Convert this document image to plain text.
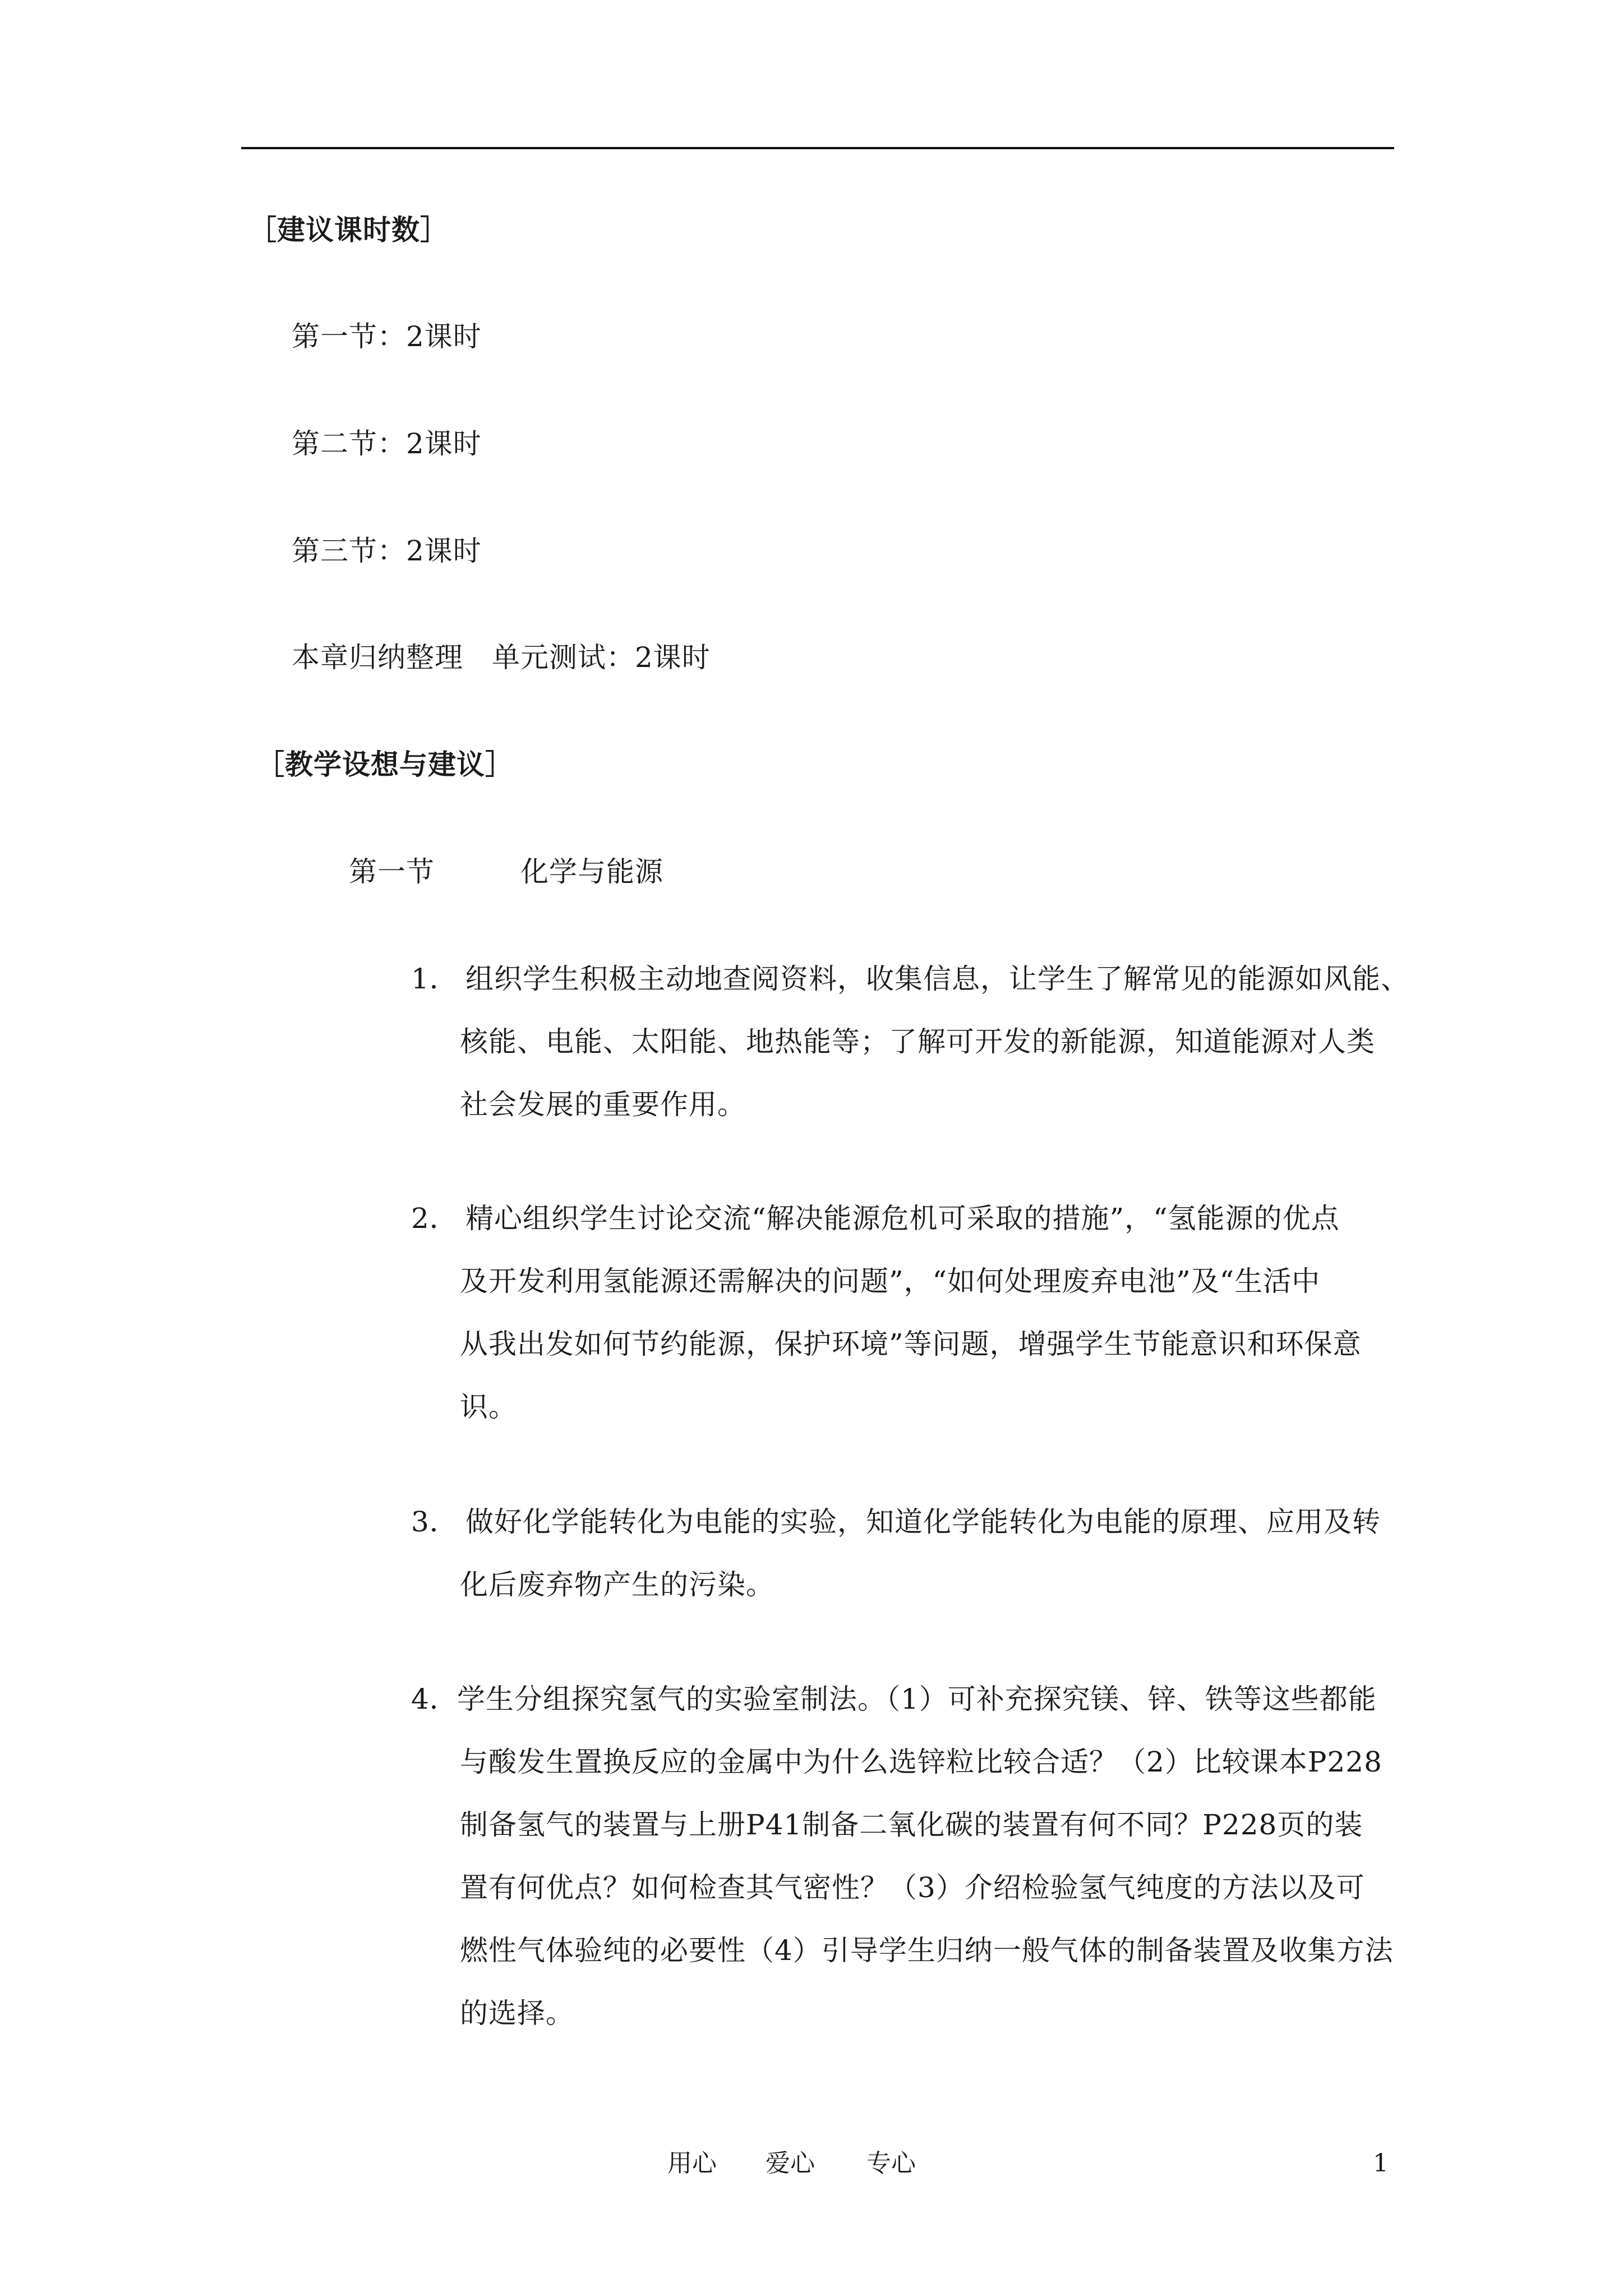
［建议课时数］
第一节：2课时
第二节：2课时
第三节：2课时
本章归纳整理　单元测试：2课时
［教学设想与建议］
第一节　　　化学与能源
1． 组织学生积极主动地查阅资料，收集信息，让学生了解常见的能源如风能、
核能、电能、太阳能、地热能等；了解可开发的新能源，知道能源对人类
社会发展的重要作用。
2． 精心组织学生讨论交流“解决能源危机可采取的措施”，“氢能源的优点
及开发利用氢能源还需解决的问题”，“如何处理废弃电池”及“生活中
从我出发如何节约能源，保护环境”等问题，增强学生节能意识和环保意
识。
3． 做好化学能转化为电能的实验，知道化学能转化为电能的原理、应用及转
化后废弃物产生的污染。
4．
学生分组探究氢气的实验室制法。（1）可补充探究镁、锌、铁等这些都能
与酸发生置换反应的金属中为什么选锌粒比较合适？（2）比较课本P228
制备氢气的装置与上册P41制备二氧化碳的装置有何不同？P228页的装
置有何优点？如何检查其气密性？（3）介绍检验氢气纯度的方法以及可
燃性气体验纯的必要性（4）引导学生归纳一般气体的制备装置及收集方法
的选择。
用心 爱心 专心	1
